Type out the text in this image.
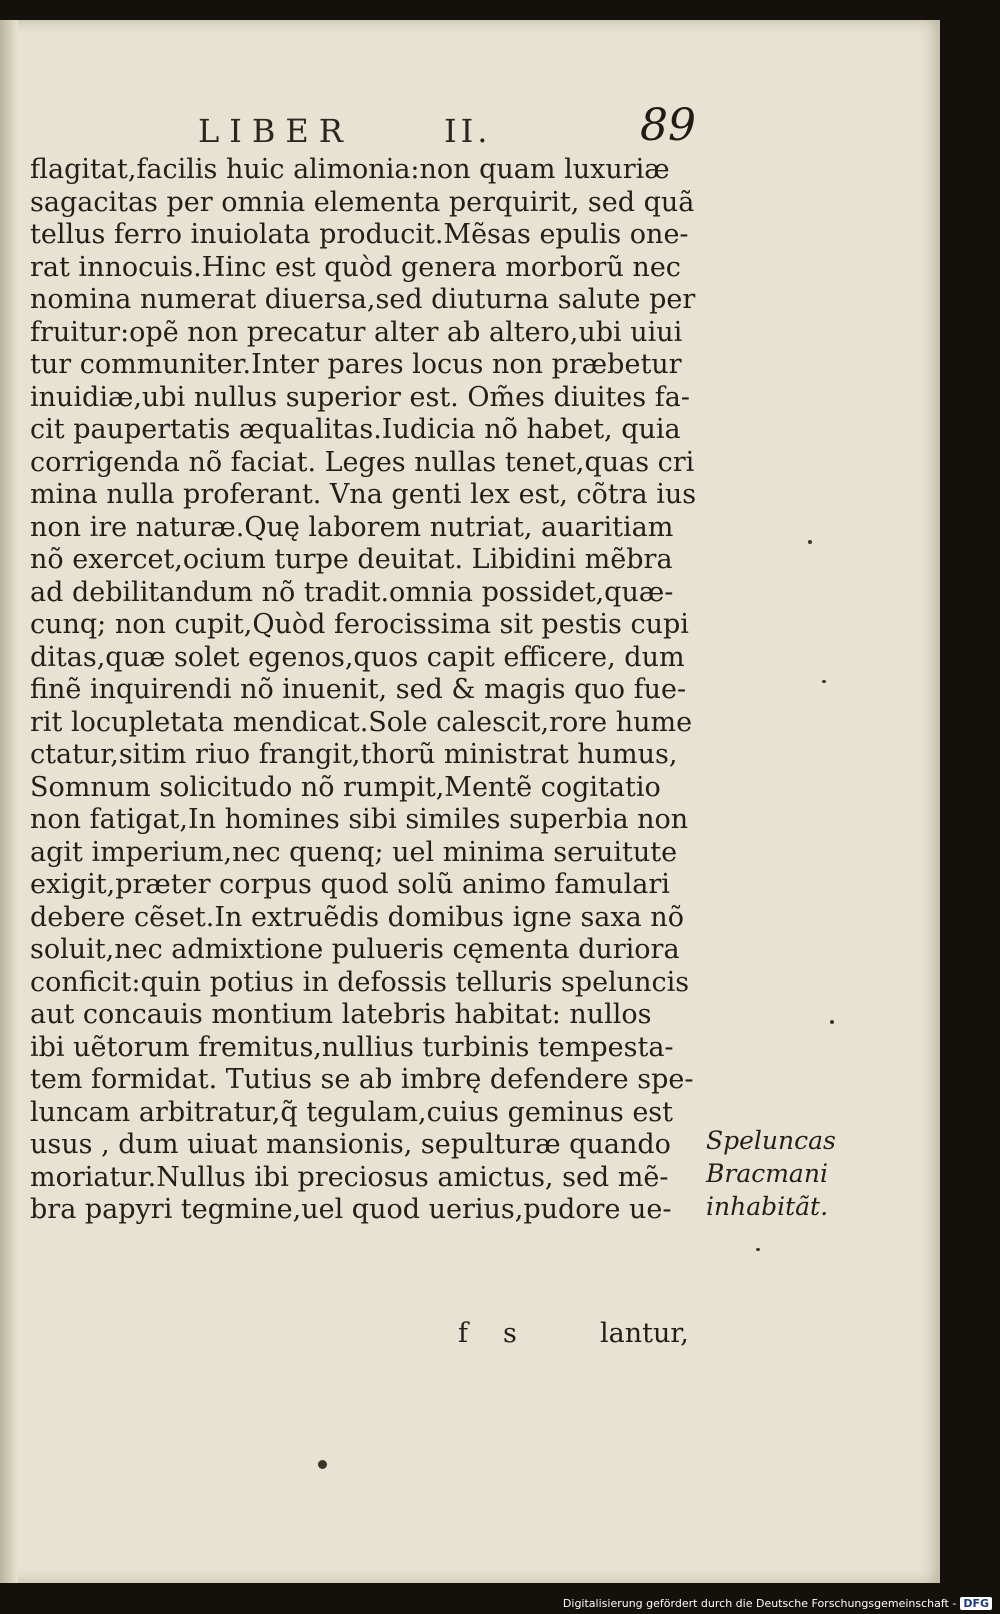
LIBER	II.	89
flagitat,facilis huic alimonia:non quam luxuriæ
sagacitas per omnia elementa perquirit, sed quã
tellus ferro inuiolata producit.Mẽsas epulis one-
rat innocuis.Hinc est quòd genera morborũ nec
nomina numerat diuersa,sed diuturna salute per
fruitur:opẽ non precatur alter ab altero,ubi uiui
tur communiter.Inter pares locus non præbetur
inuidiæ,ubi nullus superior est. Om̃es diuites fa-
cit paupertatis æqualitas.Iudicia nõ habet, quia
corrigenda nõ faciat. Leges nullas tenet,quas cri
mina nulla proferant. Vna genti lex est, cõtra ius
non ire naturæ.Quę laborem nutriat, auaritiam
nõ exercet,ocium turpe deuitat. Libidini mẽbra
ad debilitandum nõ tradit.omnia possidet,quæ-
cunq; non cupit,Quòd ferocissima sit pestis cupi
ditas,quæ solet egenos,quos capit efficere, dum
finẽ inquirendi nõ inuenit, sed & magis quo fue-
rit locupletata mendicat.Sole calescit,rore hume
ctatur,sitim riuo frangit,thorũ ministrat humus,
Somnum solicitudo nõ rumpit,Mentẽ cogitatio
non fatigat,In homines sibi similes superbia non
agit imperium,nec quenq; uel minima seruitute
exigit,præter corpus quod solũ animo famulari
debere cẽset.In extruẽdis domibus igne saxa nõ
soluit,nec admixtione pulueris cęmenta duriora
conficit:quin potius in defossis telluris speluncis
aut concauis montium latebris habitat: nullos
ibi uẽtorum fremitus,nullius turbinis tempesta-
tem formidat. Tutius se ab imbrę defendere spe-
luncam arbitratur,q̃ tegulam,cuius geminus est
usus , dum uiuat mansionis, sepulturæ quando
moriatur.Nullus ibi preciosus amictus, sed mẽ-
bra papyri tegmine,uel quod uerius,pudore ue-
f s	lantur,
Speluncas
Bracmani
inhabitãt.
Digitalisierung gefördert durch die Deutsche Forschungsgemeinschaft - DFG
